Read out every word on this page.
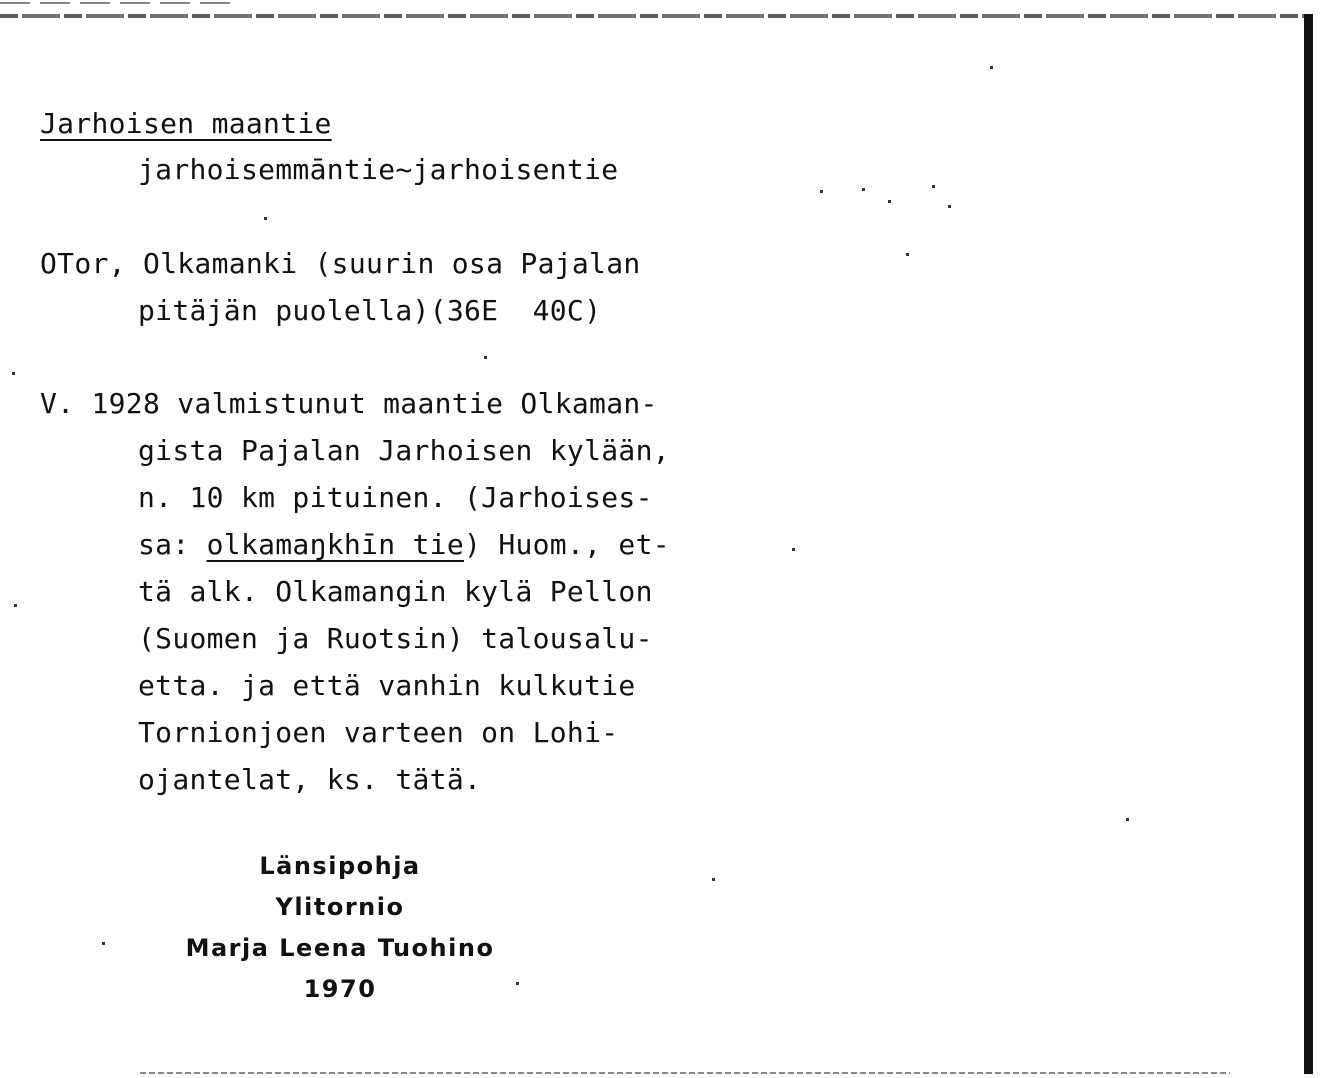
Jarhoisen maantie

jarhoisemmāntie~jarhoisentie

OTor, Olkamanki (suurin osa Pajalan

pitäjän puolella)(36E  40C)

V. 1928 valmistunut maantie Olkaman-

gista Pajalan Jarhoisen kylään,
n. 10 km pituinen. (Jarhoises-
sa: olkamaŋkhīn tie) Huom., et-
tä alk. Olkamangin kylä Pellon
(Suomen ja Ruotsin) talousalu-
etta. ja että vanhin kulkutie
Tornionjoen varteen on Lohi-
ojantelat, ks. tätä.
Länsipohja
Ylitornio
Marja Leena Tuohino
1970
